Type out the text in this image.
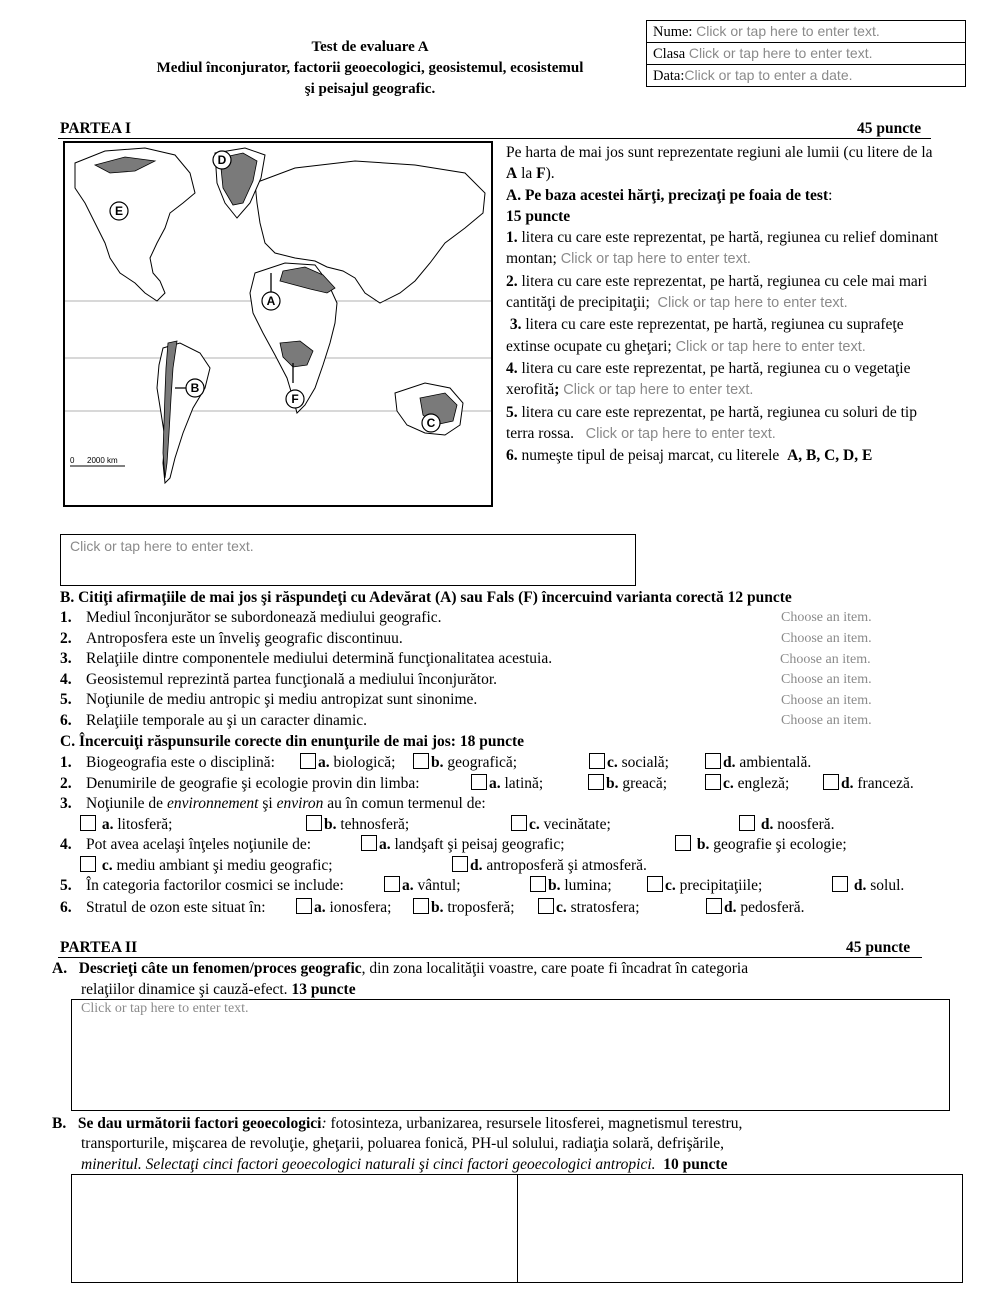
Test de evaluare A
Mediul înconjurator, factorii geoecologici, geosistemul, ecosistemul
şi peisajul geografic.
Nume: Click or tap here to enter text.
Clasa Click or tap here to enter text.
Data:Click or tap to enter a date.
PARTEA I	45 puncte
A
B
C
D
E
F
0 2000 km
Pe harta de mai jos sunt reprezentate regiuni ale lumii (cu litere de la A la F).
A. Pe baza acestei hărţi, precizaţi pe foaia de test:
15 puncte
1. litera cu care este reprezentat, pe hartă, regiunea cu relief dominant montan; Click or tap here to enter text.
2. litera cu care este reprezentat, pe hartă, regiunea cu cele mai mari cantităţi de precipitaţii; Click or tap here to enter text.
3. litera cu care este reprezentat, pe hartă, regiunea cu suprafeţe extinse ocupate cu gheţari; Click or tap here to enter text.
4. litera cu care este reprezentat, pe hartă, regiunea cu o vegetaţie xerofită; Click or tap here to enter text.
5. litera cu care este reprezentat, pe hartă, regiunea cu soluri de tip terra rossa. Click or tap here to enter text.
6. numeşte tipul de peisaj marcat, cu literele A, B, C, D, E
Click or tap here to enter text.
B. Citiţi afirmaţiile de mai jos şi răspundeţi cu Adevărat (A) sau Fals (F) încercuind varianta corectă 12 puncte
1. Mediul înconjurător se subordonează mediului geografic.	Choose an item.
2. Antroposfera este un înveliş geografic discontinuu.	Choose an item.
3. Relaţiile dintre componentele mediului determină funcţionalitatea acestuia.	Choose an item.
4. Geosistemul reprezintă partea funcţională a mediului înconjurător.	Choose an item.
5. Noţiunile de mediu antropic şi mediu antropizat sunt sinonime.	Choose an item.
6. Relaţiile temporale au şi un caracter dinamic.	Choose an item.
C. Încercuiţi răspunsurile corecte din enunţurile de mai jos: 18 puncte
1. Biogeografia este o disciplină:	a. biologică;	b. geografică;	c. socială;	d. ambientală.
2. Denumirile de geografie şi ecologie provin din limba:	a. latină;	b. greacă;	c. engleză;	d. franceză.
3. Noţiunile de environnement şi environ au în comun termenul de:
a. litosferă;	b. tehnosferă;	c. vecinătate;	d. noosferă.
4. Pot avea acelaşi înţeles noţiunile de:	a. landşaft şi peisaj geografic;	b. geografie şi ecologie;
c. mediu ambiant şi mediu geografic;	d. antroposferă şi atmosferă.
5. În categoria factorilor cosmici se include:	a. vântul;	b. lumina;	c. precipitaţiile;	d. solul.
6. Stratul de ozon este situat în:	a. ionosfera;	b. troposferă;	c. stratosfera;	d. pedosferă.
PARTEA II	45 puncte
A. Descrieţi câte un fenomen/proces geografic, din zona localităţii voastre, care poate fi încadrat în categoria
relaţiilor dinamice şi cauză-efect. 13 puncte
Click or tap here to enter text.
B. Se dau următorii factori geoecologici: fotosinteza, urbanizarea, resursele litosferei, magnetismul terestru,
transporturile, mişcarea de revoluţie, gheţarii, poluarea fonică, PH-ul solului, radiaţia solară, defrişările,
mineritul. Selectaţi cinci factori geoecologici naturali şi cinci factori geoecologici antropici. 10 puncte
